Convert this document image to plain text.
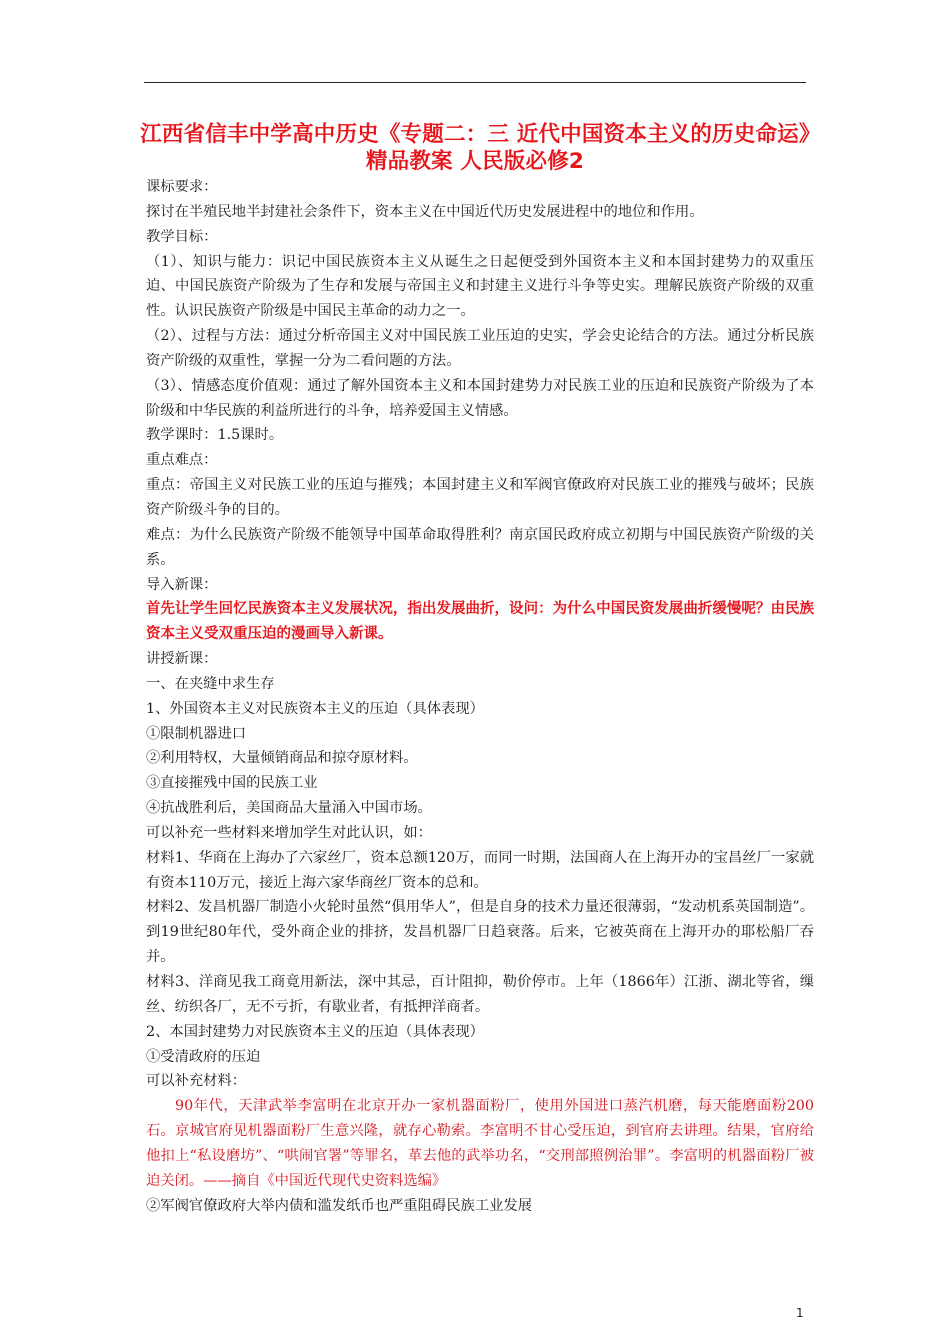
江西省信丰中学高中历史《专题二：三 近代中国资本主义的历史命运》精品教案 人民版必修2

课标要求：

探讨在半殖民地半封建社会条件下，资本主义在中国近代历史发展进程中的地位和作用。

教学目标：

（1）、知识与能力：识记中国民族资本主义从诞生之日起便受到外国资本主义和本国封建势力的双重压迫、中国民族资产阶级为了生存和发展与帝国主义和封建主义进行斗争等史实。理解民族资产阶级的双重性。认识民族资产阶级是中国民主革命的动力之一。

（2）、过程与方法：通过分析帝国主义对中国民族工业压迫的史实，学会史论结合的方法。通过分析民族资产阶级的双重性，掌握一分为二看问题的方法。

（3）、情感态度价值观：通过了解外国资本主义和本国封建势力对民族工业的压迫和民族资产阶级为了本阶级和中华民族的利益所进行的斗争，培养爱国主义情感。

教学课时：1.5课时。

重点难点：

重点：帝国主义对民族工业的压迫与摧残；本国封建主义和军阀官僚政府对民族工业的摧残与破坏；民族资产阶级斗争的目的。

难点：为什么民族资产阶级不能领导中国革命取得胜利？南京国民政府成立初期与中国民族资产阶级的关系。

导入新课：

首先让学生回忆民族资本主义发展状况，指出发展曲折，设问：为什么中国民资发展曲折缓慢呢？由民族资本主义受双重压迫的漫画导入新课。

讲授新课：

一、在夹缝中求生存

1、外国资本主义对民族资本主义的压迫（具体表现）

①限制机器进口

②利用特权，大量倾销商品和掠夺原材料。

③直接摧残中国的民族工业

④抗战胜利后，美国商品大量涌入中国市场。

可以补充一些材料来增加学生对此认识，如：

材料1、华商在上海办了六家丝厂，资本总额120万，而同一时期，法国商人在上海开办的宝昌丝厂一家就有资本110万元，接近上海六家华商丝厂资本的总和。

材料2、发昌机器厂制造小火轮时虽然“俱用华人”，但是自身的技术力量还很薄弱，“发动机系英国制造”。到19世纪80年代，受外商企业的排挤，发昌机器厂日趋衰落。后来，它被英商在上海开办的耶松船厂吞并。

材料3、洋商见我工商竟用新法，深中其忌，百计阻抑，勒价停市。上年（1866年）江浙、湖北等省，缫丝、纺织各厂，无不亏折，有歇业者，有抵押洋商者。

2、本国封建势力对民族资本主义的压迫（具体表现）

①受清政府的压迫

可以补充材料：

90年代，天津武举李富明在北京开办一家机器面粉厂，使用外国进口蒸汽机磨，每天能磨面粉200石。京城官府见机器面粉厂生意兴隆，就存心勒索。李富明不甘心受压迫，到官府去讲理。结果，官府给他扣上“私设磨坊”、“哄闹官署”等罪名，革去他的武举功名，“交刑部照例治罪”。李富明的机器面粉厂被迫关闭。——摘自《中国近代现代史资料选编》

②军阀官僚政府大举内债和滥发纸币也严重阻碍民族工业发展

1
